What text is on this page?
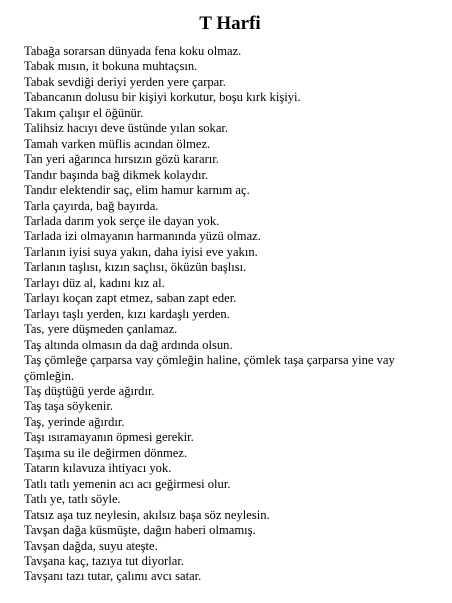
T Harfi
Tabağa sorarsan dünyada fena koku olmaz.
Tabak mısın, it bokuna muhtaçsın.
Tabak sevdiği deriyi yerden yere çarpar.
Tabancanın dolusu bir kişiyi korkutur, boşu kırk kişiyi.
Takım çalışır el öğünür.
Talihsiz hacıyı deve üstünde yılan sokar.
Tamah varken müflis acından ölmez.
Tan yeri ağarınca hırsızın gözü kararır.
Tandır başında bağ dikmek kolaydır.
Tandır elektendir saç, elim hamur karnım aç.
Tarla çayırda, bağ bayırda.
Tarlada darım yok serçe ile dayan yok.
Tarlada izi olmayanın harmanında yüzü olmaz.
Tarlanın iyisi suya yakın, daha iyisi eve yakın.
Tarlanın taşlısı, kızın saçlısı, öküzün başlısı.
Tarlayı düz al, kadını kız al.
Tarlayı koçan zapt etmez, saban zapt eder.
Tarlayı taşlı yerden, kızı kardaşlı yerden.
Tas, yere düşmeden çanlamaz.
Taş altında olmasın da dağ ardında olsun.
Taş çömleğe çarparsa vay çömleğin haline, çömlek taşa çarparsa yine vay çömleğin.
Taş düştüğü yerde ağırdır.
Taş taşa söykenir.
Taş, yerinde ağırdır.
Taşı ısıramayanın öpmesi gerekir.
Taşıma su ile değirmen dönmez.
Tatarın kılavuza ihtiyacı yok.
Tatlı tatlı yemenin acı acı geğirmesi olur.
Tatlı ye, tatlı söyle.
Tatsız aşa tuz neylesin, akılsız başa söz neylesin.
Tavşan dağa küsmüşte, dağın haberi olmamış.
Tavşan dağda, suyu ateşte.
Tavşana kaç, tazıya tut diyorlar.
Tavşanı tazı tutar, çalımı avcı satar.
